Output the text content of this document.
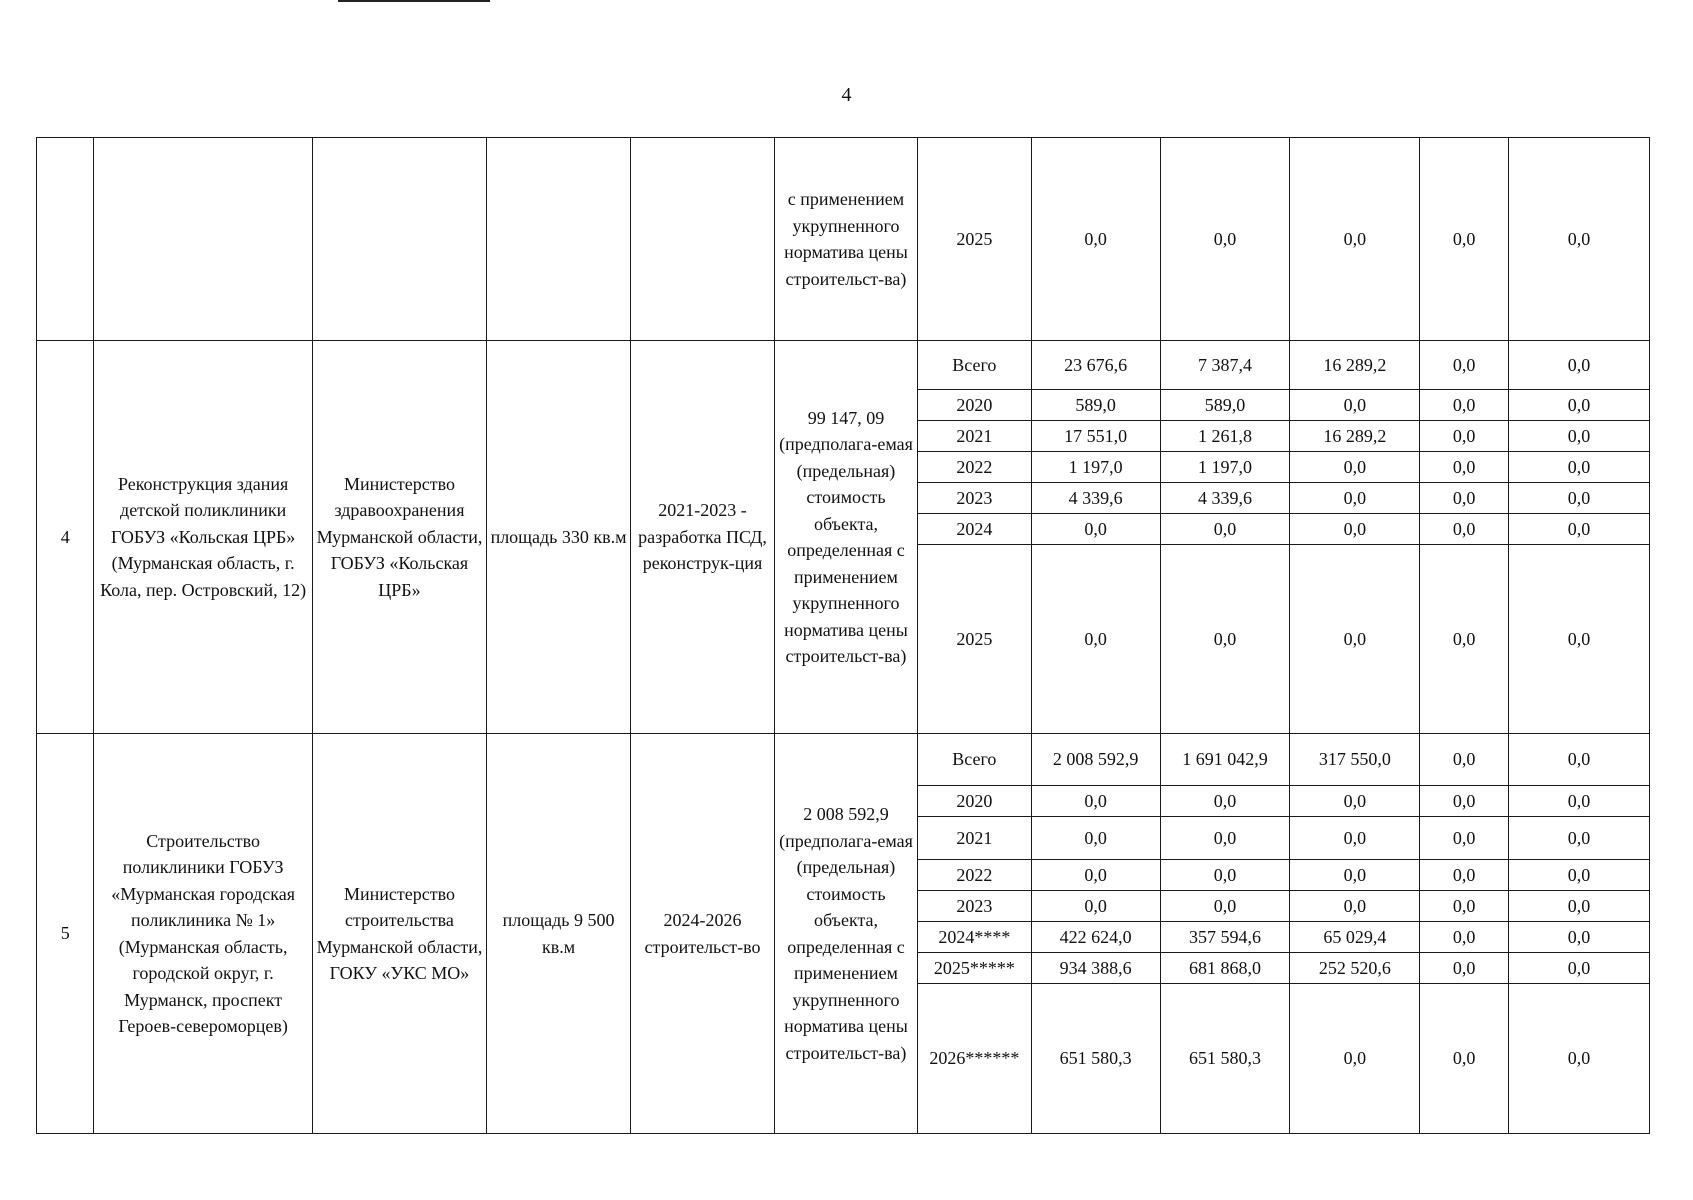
4
					с применением укрупненного норматива цены строительст-ва)	2025	0,0	0,0	0,0	0,0	0,0
4	Реконструкция здания детской поликлиники ГОБУЗ «Кольская ЦРБ» (Мурманская область, г. Кола, пер. Островский, 12)	Министерство здравоохранения Мурманской области, ГОБУЗ «Кольская ЦРБ»	площадь 330 кв.м	2021-2023 - разработка ПСД, реконструк-ция	99 147, 09 (предполага-емая (предельная) стоимость объекта, определенная с применением укрупненного норматива цены строительст-ва)	Всего	23 676,6	7 387,4	16 289,2	0,0	0,0
						2020	589,0	589,0	0,0	0,0	0,0
						2021	17 551,0	1 261,8	16 289,2	0,0	0,0
						2022	1 197,0	1 197,0	0,0	0,0	0,0
						2023	4 339,6	4 339,6	0,0	0,0	0,0
						2024	0,0	0,0	0,0	0,0	0,0
						2025	0,0	0,0	0,0	0,0	0,0
5	Строительство поликлиники ГОБУЗ «Мурманская городская поликлиника № 1» (Мурманская область, городской округ, г. Мурманск, проспект Героев-североморцев)	Министерство строительства Мурманской области, ГОКУ «УКС МО»	площадь 9 500 кв.м	2024-2026 строительст-во	2 008 592,9 (предполага-емая (предельная) стоимость объекта, определенная с применением укрупненного норматива цены строительст-ва)	Всего	2 008 592,9	1 691 042,9	317 550,0	0,0	0,0
						2020	0,0	0,0	0,0	0,0	0,0
						2021	0,0	0,0	0,0	0,0	0,0
						2022	0,0	0,0	0,0	0,0	0,0
						2023	0,0	0,0	0,0	0,0	0,0
						2024****	422 624,0	357 594,6	65 029,4	0,0	0,0
						2025*****	934 388,6	681 868,0	252 520,6	0,0	0,0
						2026******	651 580,3	651 580,3	0,0	0,0	0,0
